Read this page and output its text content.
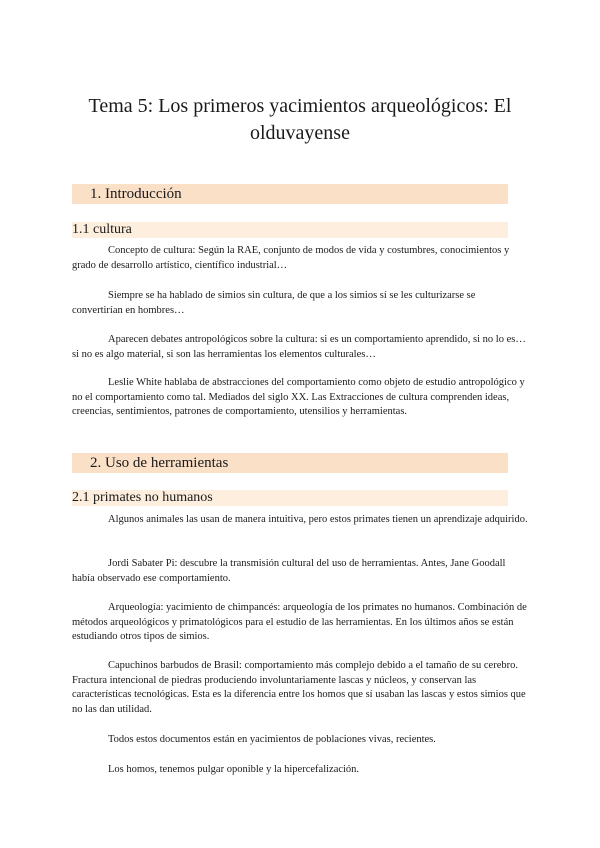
Tema 5: Los primeros yacimientos arqueológicos: El
olduvayense
1. Introducción
1.1 cultura

Concepto de cultura: Según la RAE, conjunto de modos de vida y costumbres, conocimientos y grado de desarrollo artístico, científico industrial…

Siempre se ha hablado de simios sin cultura, de que a los simios sí se les culturizarse se convertirían en hombres…

Aparecen debates antropológicos sobre la cultura: si es un comportamiento aprendido, si no lo es… si no es algo material, si son las herramientas los elementos culturales…

Leslie White hablaba de abstracciones del comportamiento como objeto de estudio antropológico y no el comportamiento como tal. Mediados del siglo XX. Las Extracciones de cultura comprenden ideas, creencias, sentimientos, patrones de comportamiento, utensilios y herramientas.

2. Uso de herramientas
2.1 primates no humanos

Algunos animales las usan de manera intuitiva, pero estos primates tienen un aprendizaje adquirido.

Jordi Sabater Pi: descubre la transmisión cultural del uso de herramientas. Antes, Jane Goodall había observado ese comportamiento.

Arqueología: yacimiento de chimpancés: arqueología de los primates no humanos. Combinación de métodos arqueológicos y primatológicos para el estudio de las herramientas. En los últimos años se están estudiando otros tipos de simios.

Capuchinos barbudos de Brasil: comportamiento más complejo debido a el tamaño de su cerebro. Fractura intencional de piedras produciendo involuntariamente lascas y núcleos, y conservan las características tecnológicas. Esta es la diferencia entre los homos que sí usaban las lascas y estos simios que no las dan utilidad.

Todos estos documentos están en yacimientos de poblaciones vivas, recientes.

Los homos, tenemos pulgar oponible y la hipercefalización.
